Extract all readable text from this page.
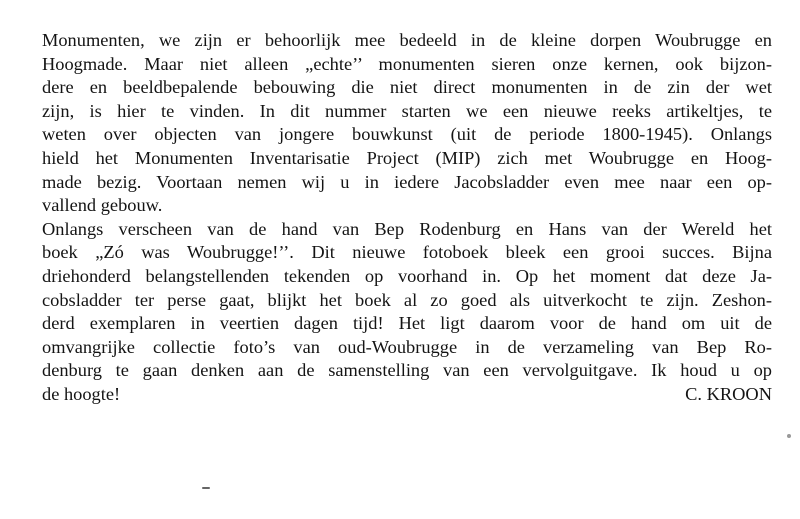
Monumenten, we zijn er behoorlijk mee bedeeld in de kleine dorpen Woubrugge en
Hoogmade. Maar niet alleen „echte’’ monumenten sieren onze kernen, ook bijzon-
dere en beeldbepalende bebouwing die niet direct monumenten in de zin der wet
zijn, is hier te vinden. In dit nummer starten we een nieuwe reeks artikeltjes, te
weten over objecten van jongere bouwkunst (uit de periode 1800-1945). Onlangs
hield het Monumenten Inventarisatie Project (MIP) zich met Woubrugge en Hoog-
made bezig. Voortaan nemen wij u in iedere Jacobsladder even mee naar een op-
vallend gebouw.
Onlangs verscheen van de hand van Bep Rodenburg en Hans van der Wereld het
boek „Zó was Woubrugge!’’. Dit nieuwe fotoboek bleek een grooi succes. Bijna
driehonderd belangstellenden tekenden op voorhand in. Op het moment dat deze Ja-
cobsladder ter perse gaat, blijkt het boek al zo goed als uitverkocht te zijn. Zeshon-
derd exemplaren in veertien dagen tijd! Het ligt daarom voor de hand om uit de
omvangrijke collectie foto’s van oud-Woubrugge in de verzameling van Bep Ro-
denburg te gaan denken aan de samenstelling van een vervolguitgave. Ik houd u op
de hoogte!	C. KROON
